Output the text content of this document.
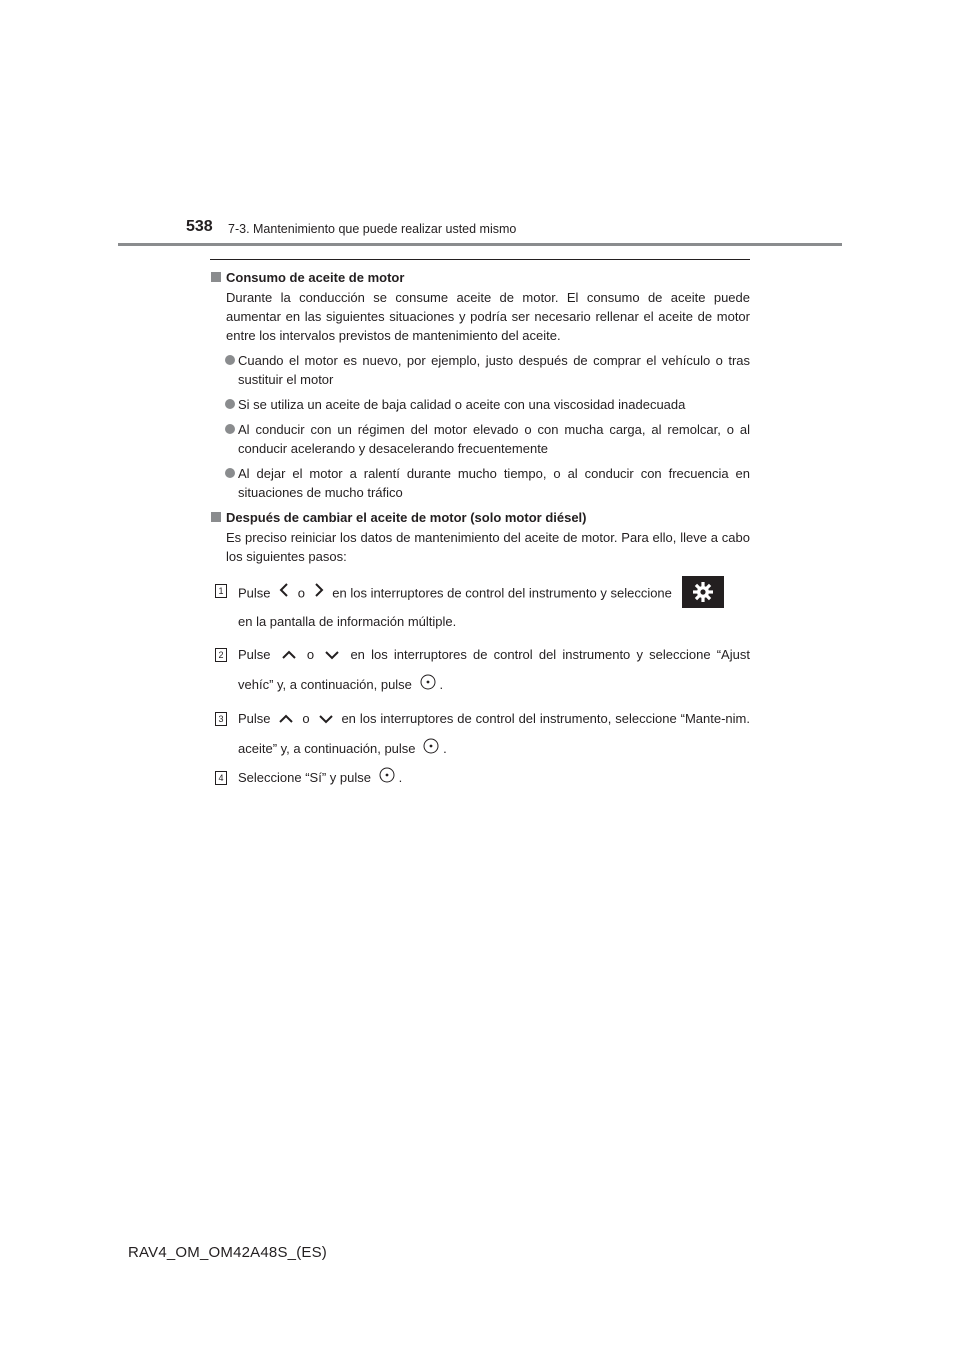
538 7-3. Mantenimiento que puede realizar usted mismo
Consumo de aceite de motor
Durante la conducción se consume aceite de motor. El consumo de aceite puede aumentar en las siguientes situaciones y podría ser necesario rellenar el aceite de motor entre los intervalos previstos de mantenimiento del aceite.
Cuando el motor es nuevo, por ejemplo, justo después de comprar el vehículo o tras sustituir el motor
Si se utiliza un aceite de baja calidad o aceite con una viscosidad inadecuada
Al conducir con un régimen del motor elevado o con mucha carga, al remolcar, o al conducir acelerando y desacelerando frecuentemente
Al dejar el motor a ralentí durante mucho tiempo, o al conducir con frecuencia en situaciones de mucho tráfico
Después de cambiar el aceite de motor (solo motor diésel)
Es preciso reiniciar los datos de mantenimiento del aceite de motor. Para ello, lleve a cabo los siguientes pasos:
1 Pulse o en los interruptores de control del instrumento y seleccione

en la pantalla de información múltiple.
2 Pulse	o	en los interruptores de control del instrumento y seleccione “Ajust vehíc” y, a continuación, pulse .
3 Pulse o en los interruptores de control del instrumento, seleccione “Mante-nim. aceite” y, a continuación, pulse .
4 Seleccione “Sí” y pulse .
RAV4_OM_OM42A48S_(ES)
